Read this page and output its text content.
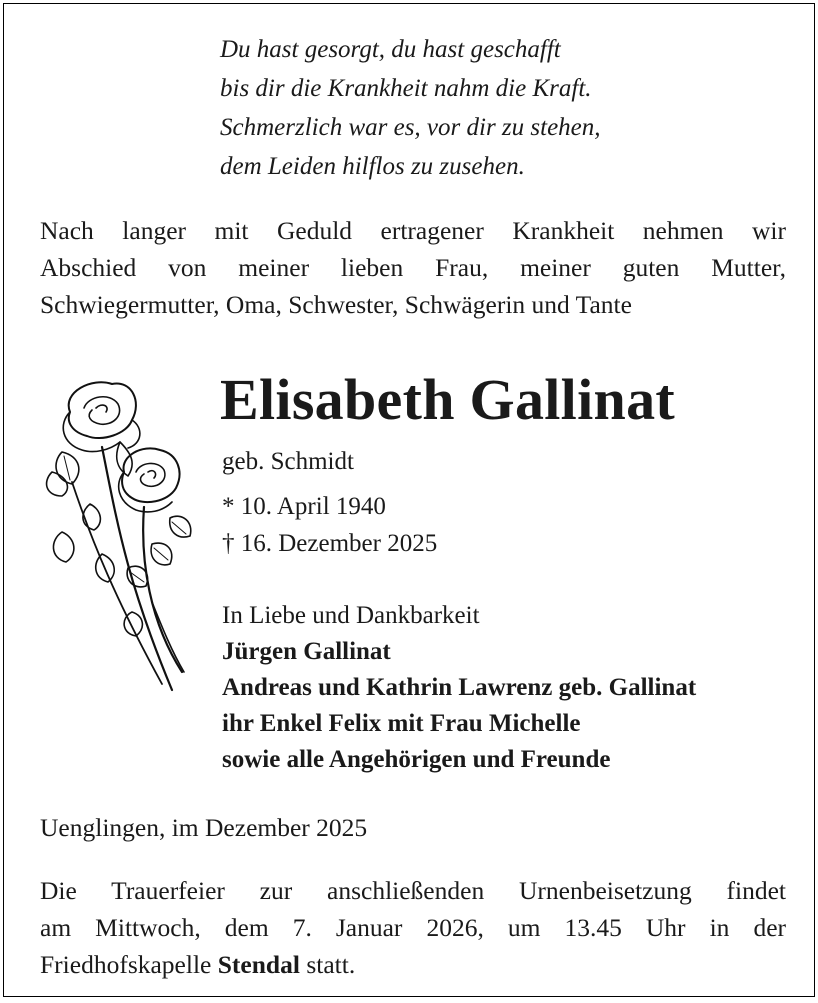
Du hast gesorgt, du hast geschafft
bis dir die Krankheit nahm die Kraft.
Schmerzlich war es, vor dir zu stehen,
dem Leiden hilflos zu zusehen.
Nach langer mit Geduld ertragener Krankheit nehmen wir
Abschied von meiner lieben Frau, meiner guten Mutter,
Schwiegermutter, Oma, Schwester, Schwägerin und Tante
Elisabeth Gallinat
geb. Schmidt
* 10. April 1940
† 16. Dezember 2025
In Liebe und Dankbarkeit
Jürgen Gallinat
Andreas und Kathrin Lawrenz geb. Gallinat
ihr Enkel Felix mit Frau Michelle
sowie alle Angehörigen und Freunde
Uenglingen, im Dezember 2025
Die Trauerfeier zur anschließenden Urnenbeisetzung findet
am Mittwoch, dem 7. Januar 2026, um 13.45 Uhr in der
Friedhofskapelle Stendal statt.
